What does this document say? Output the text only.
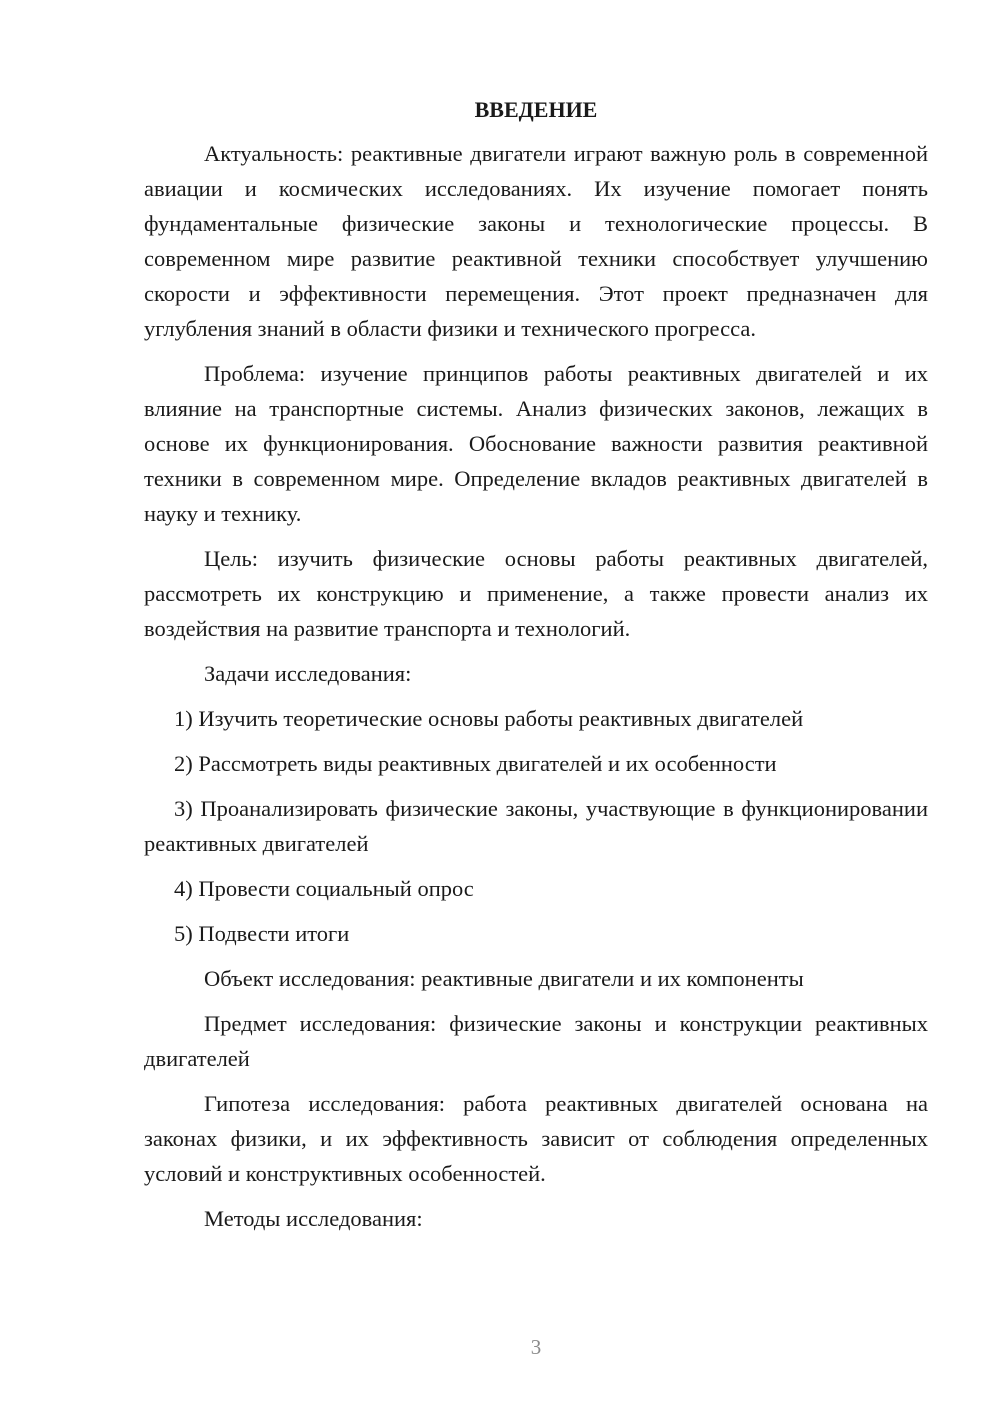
ВВЕДЕНИЕ
Актуальность: реактивные двигатели играют важную роль в современной авиации и космических исследованиях. Их изучение помогает понять фундаментальные физические законы и технологические процессы. В современном мире развитие реактивной техники способствует улучшению скорости и эффективности перемещения. Этот проект предназначен для углубления знаний в области физики и технического прогресса.
Проблема: изучение принципов работы реактивных двигателей и их влияние на транспортные системы. Анализ физических законов, лежащих в основе их функционирования. Обоснование важности развития реактивной техники в современном мире. Определение вкладов реактивных двигателей в науку и технику.
Цель: изучить физические основы работы реактивных двигателей, рассмотреть их конструкцию и применение, а также провести анализ их воздействия на развитие транспорта и технологий.
Задачи исследования:
1) Изучить теоретические основы работы реактивных двигателей
2) Рассмотреть виды реактивных двигателей и их особенности
3) Проанализировать физические законы, участвующие в функционировании реактивных двигателей
4) Провести социальный опрос
5) Подвести итоги
Объект исследования: реактивные двигатели и их компоненты
Предмет исследования: физические законы и конструкции реактивных двигателей
Гипотеза исследования: работа реактивных двигателей основана на законах физики, и их эффективность зависит от соблюдения определенных условий и конструктивных особенностей.
Методы исследования:
3
